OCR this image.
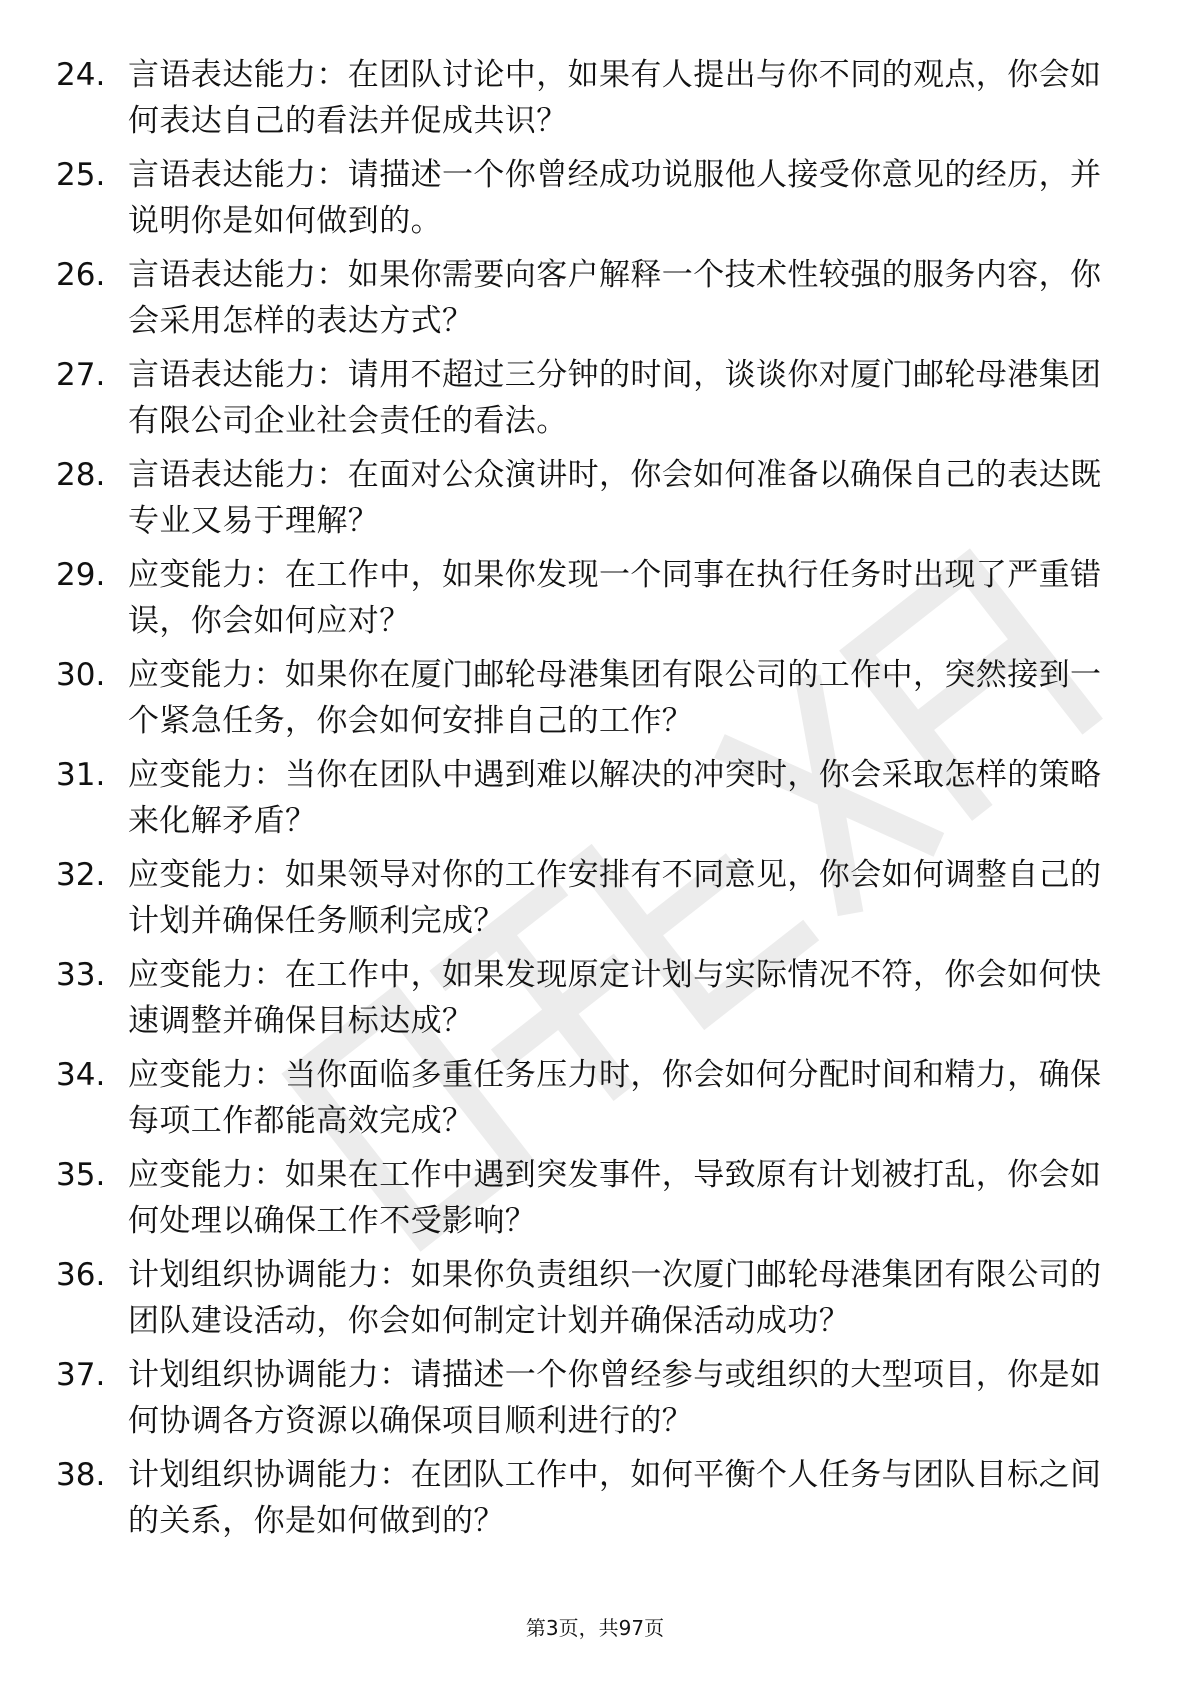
24. 言语表达能力：在团队讨论中，如果有人提出与你不同的观点，你会如何表达自己的看法并促成共识？
25. 言语表达能力：请描述一个你曾经成功说服他人接受你意见的经历，并说明你是如何做到的。
26. 言语表达能力：如果你需要向客户解释一个技术性较强的服务内容，你会采用怎样的表达方式？
27. 言语表达能力：请用不超过三分钟的时间，谈谈你对厦门邮轮母港集团有限公司企业社会责任的看法。
28. 言语表达能力：在面对公众演讲时，你会如何准备以确保自己的表达既专业又易于理解？
29. 应变能力：在工作中，如果你发现一个同事在执行任务时出现了严重错误，你会如何应对？
30. 应变能力：如果你在厦门邮轮母港集团有限公司的工作中，突然接到一个紧急任务，你会如何安排自己的工作？
31. 应变能力：当你在团队中遇到难以解决的冲突时，你会采取怎样的策略来化解矛盾？
32. 应变能力：如果领导对你的工作安排有不同意见，你会如何调整自己的计划并确保任务顺利完成？
33. 应变能力：在工作中，如果发现原定计划与实际情况不符，你会如何快速调整并确保目标达成？
34. 应变能力：当你面临多重任务压力时，你会如何分配时间和精力，确保每项工作都能高效完成？
35. 应变能力：如果在工作中遇到突发事件，导致原有计划被打乱，你会如何处理以确保工作不受影响？
36. 计划组织协调能力：如果你负责组织一次厦门邮轮母港集团有限公司的团队建设活动，你会如何制定计划并确保活动成功？
37. 计划组织协调能力：请描述一个你曾经参与或组织的大型项目，你是如何协调各方资源以确保项目顺利进行的？
38. 计划组织协调能力：在团队工作中，如何平衡个人任务与团队目标之间的关系，你是如何做到的？
第3页，共97页
